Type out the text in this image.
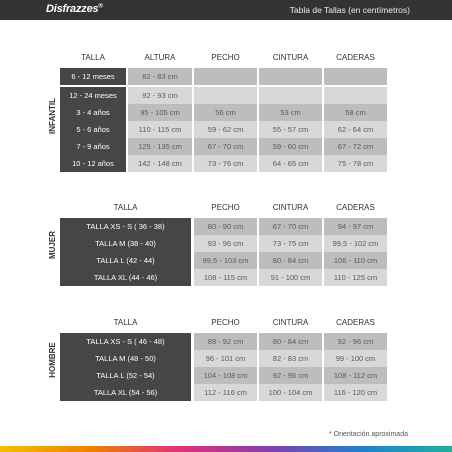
Disfrazzes®	Tabla de Tallas (en centímetros)
INFANTIL
TALLA	ALTURA	PECHO	CINTURA	CADERAS
6 - 12 meses	82 - 83 cm
12 - 24 meses	92 - 93 cm
3 - 4 años	95 - 105 cm	56 cm	53 cm	58 cm
5 - 6 años	110 - 115 cm	59 - 62 cm	55 - 57 cm	62 - 64 cm
7 - 9 años	125 - 135 cm	67 - 70 cm	59 - 60 cm	67 - 72 cm
10 - 12 años	142 - 148 cm	73 - 76 cm	64 - 65 cm	75 - 78 cm
MUJER
TALLA	PECHO	CINTURA	CADERAS
TALLA XS - S ( 36 - 38)	80 - 90 cm	67 - 70 cm	94 - 97 cm
TALLA M (38 - 40)	93 - 96 cm	73 - 75 cm	99,5 - 102 cm
TALLA L (42 - 44)	99,5 - 103 cm	80 - 84 cm	106 - 110 cm
TALLA XL (44 - 46)	108 - 115 cm	91 - 100 cm	110 - 125 cm
HOMBRE
TALLA	PECHO	CINTURA	CADERAS
TALLA XS - S ( 46 - 48)	88 - 92 cm	80 - 84 cm	92 - 96 cm
TALLA M (48 - 50)	96 - 101 cm	82 - 83 cm	99 - 100 cm
TALLA L (52 - 54)	104 - 108 cm	92 - 96 cm	108 - 112 cm
TALLA XL (54 - 56)	112 - 116 cm	100 - 104 cm	116 - 120 cm
* Orientación aproximada
